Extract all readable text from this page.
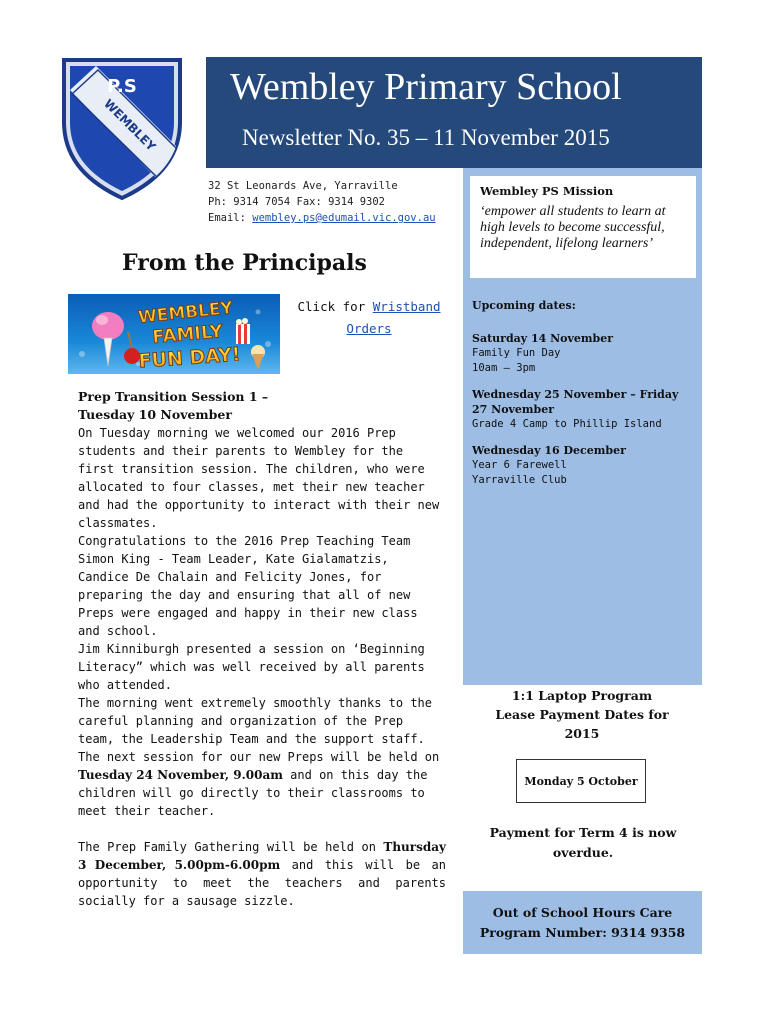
P.S
WEMBLEY
Wembley Primary School
Newsletter No. 35 – 11 November 2015
32 St Leonards Ave, Yarraville
Ph: 9314 7054 Fax: 9314 9302
Email: wembley.ps@edumail.vic.gov.au
From the Principals
WEMBLEY
FAMILY
FUN DAY!
Click for Wristband
Orders

Prep Transition Session 1 –

Tuesday 10 November

On Tuesday morning we welcomed our 2016 Prep students and their parents to Wembley for the first transition session. The children, who were allocated to four classes, met their new teacher and had the opportunity to interact with their new classmates.

Congratulations to the 2016 Prep Teaching Team Simon King - Team Leader, Kate Gialamatzis, Candice De Chalain and Felicity Jones, for preparing the day and ensuring that all of new Preps were engaged and happy in their new class and school.

Jim Kinniburgh presented a session on ‘Beginning Literacy” which was well received by all parents who attended.

The morning went extremely smoothly thanks to the careful planning and organization of the Prep team, the Leadership Team and the support staff. The next session for our new Preps will be held on Tuesday 24 November, 9.00am and on this day the children will go directly to their classrooms to meet their teacher.

The Prep Family Gathering will be held on Thursday 3 December, 5.00pm-6.00pm and this will be an opportunity to meet the teachers and parents socially for a sausage sizzle.

Wembley PS Mission
‘empower all students to learn at high levels to become successful, independent, lifelong learners’
Upcoming dates:
Saturday 14 November
Family Fun Day
10am – 3pm
Wednesday 25 November – Friday 27 November
Grade 4 Camp to Phillip Island
Wednesday 16 December
Year 6 Farewell
Yarraville Club
1:1 Laptop Program
Lease Payment Dates for
2015
Monday 5 October
Payment for Term 4 is now
overdue.
Out of School Hours Care
Program Number: 9314 9358
